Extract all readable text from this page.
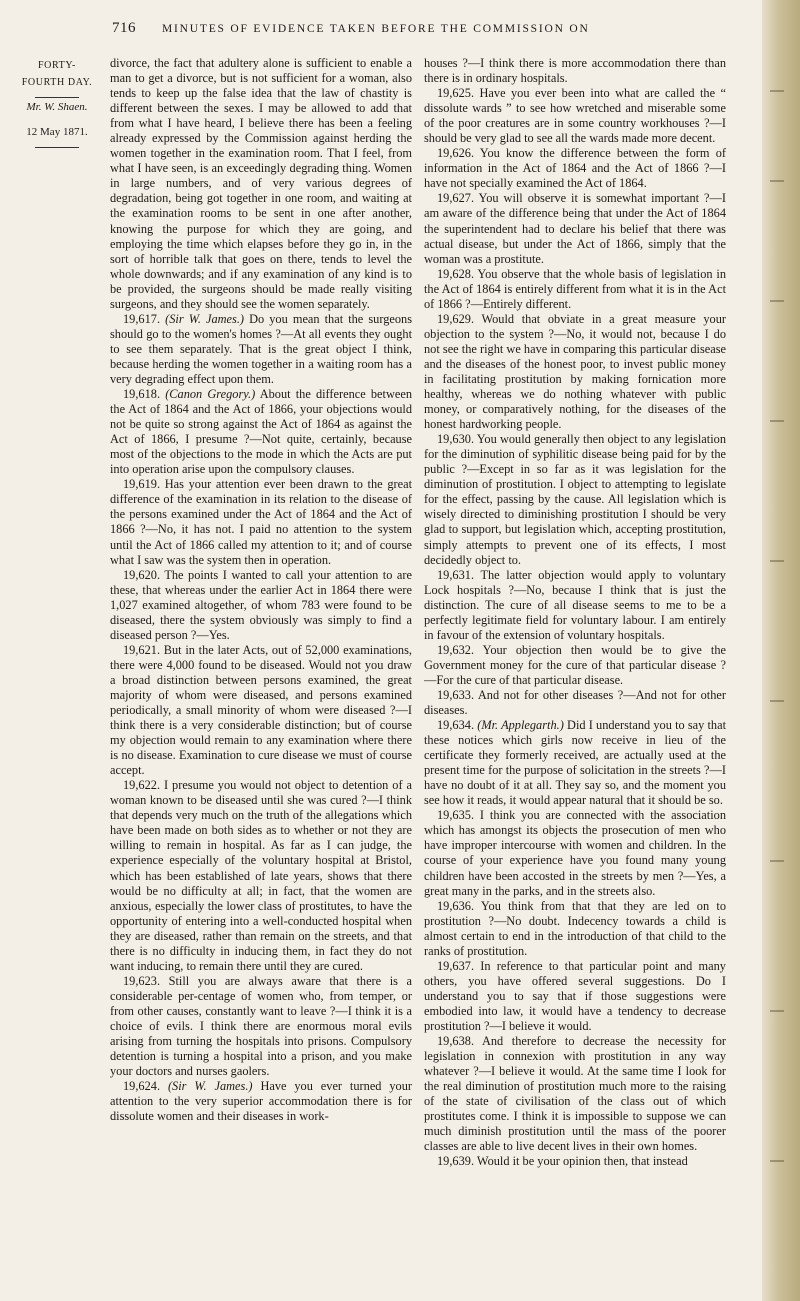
716 MINUTES OF EVIDENCE TAKEN BEFORE THE COMMISSION ON
FORTY-
FOURTH DAY.
Mr. W. Shaen.
12 May 1871.

divorce, the fact that adultery alone is sufficient to enable a man to get a divorce, but is not sufficient for a woman, also tends to keep up the false idea that the law of chastity is different between the sexes. I may be allowed to add that from what I have heard, I believe there has been a feeling already expressed by the Commission against herding the women together in the examination room. That I feel, from what I have seen, is an exceedingly degrading thing. Women in large numbers, and of very various degrees of degradation, being got together in one room, and waiting at the examination rooms to be sent in one after another, knowing the purpose for which they are going, and employing the time which elapses before they go in, in the sort of horrible talk that goes on there, tends to level the whole downwards; and if any examination of any kind is to be provided, the surgeons should be made really visiting surgeons, and they should see the women separately.

19,617. (Sir W. James.) Do you mean that the surgeons should go to the women's homes ?—At all events they ought to see them separately. That is the great object I think, because herding the women together in a waiting room has a very degrading effect upon them.

19,618. (Canon Gregory.) About the difference between the Act of 1864 and the Act of 1866, your objections would not be quite so strong against the Act of 1864 as against the Act of 1866, I presume ?—Not quite, certainly, because most of the objections to the mode in which the Acts are put into operation arise upon the compulsory clauses.

19,619. Has your attention ever been drawn to the great difference of the examination in its relation to the disease of the persons examined under the Act of 1864 and the Act of 1866 ?—No, it has not. I paid no attention to the system until the Act of 1866 called my attention to it; and of course what I saw was the system then in operation.

19,620. The points I wanted to call your attention to are these, that whereas under the earlier Act in 1864 there were 1,027 examined altogether, of whom 783 were found to be diseased, there the system obviously was simply to find a diseased person ?—Yes.

19,621. But in the later Acts, out of 52,000 examinations, there were 4,000 found to be diseased. Would not you draw a broad distinction between persons examined, the great majority of whom were diseased, and persons examined periodically, a small minority of whom were diseased ?—I think there is a very considerable distinction; but of course my objection would remain to any examination where there is no disease. Examination to cure disease we must of course accept.

19,622. I presume you would not object to detention of a woman known to be diseased until she was cured ?—I think that depends very much on the truth of the allegations which have been made on both sides as to whether or not they are willing to remain in hospital. As far as I can judge, the experience especially of the voluntary hospital at Bristol, which has been established of late years, shows that there would be no difficulty at all; in fact, that the women are anxious, especially the lower class of prostitutes, to have the opportunity of entering into a well-conducted hospital when they are diseased, rather than remain on the streets, and that there is no difficulty in inducing them, in fact they do not want inducing, to remain there until they are cured.

19,623. Still you are always aware that there is a considerable per-centage of women who, from temper, or from other causes, constantly want to leave ?—I think it is a choice of evils. I think there are enormous moral evils arising from turning the hospitals into prisons. Compulsory detention is turning a hospital into a prison, and you make your doctors and nurses gaolers.

19,624. (Sir W. James.) Have you ever turned your attention to the very superior accommodation there is for dissolute women and their diseases in work-

houses ?—I think there is more accommodation there than there is in ordinary hospitals.

19,625. Have you ever been into what are called the “ dissolute wards ” to see how wretched and miserable some of the poor creatures are in some country workhouses ?—I should be very glad to see all the wards made more decent.

19,626. You know the difference between the form of information in the Act of 1864 and the Act of 1866 ?—I have not specially examined the Act of 1864.

19,627. You will observe it is somewhat important ?—I am aware of the difference being that under the Act of 1864 the superintendent had to declare his belief that there was actual disease, but under the Act of 1866, simply that the woman was a prostitute.

19,628. You observe that the whole basis of legislation in the Act of 1864 is entirely different from what it is in the Act of 1866 ?—Entirely different.

19,629. Would that obviate in a great measure your objection to the system ?—No, it would not, because I do not see the right we have in comparing this particular disease and the diseases of the honest poor, to invest public money in facilitating prostitution by making fornication more healthy, whereas we do nothing whatever with public money, or comparatively nothing, for the diseases of the honest hardworking people.

19,630. You would generally then object to any legislation for the diminution of syphilitic disease being paid for by the public ?—Except in so far as it was legislation for the diminution of prostitution. I object to attempting to legislate for the effect, passing by the cause. All legislation which is wisely directed to diminishing prostitution I should be very glad to support, but legislation which, accepting prostitution, simply attempts to prevent one of its effects, I most decidedly object to.

19,631. The latter objection would apply to voluntary Lock hospitals ?—No, because I think that is just the distinction. The cure of all disease seems to me to be a perfectly legitimate field for voluntary labour. I am entirely in favour of the extension of voluntary hospitals.

19,632. Your objection then would be to give the Government money for the cure of that particular disease ?—For the cure of that particular disease.

19,633. And not for other diseases ?—And not for other diseases.

19,634. (Mr. Applegarth.) Did I understand you to say that these notices which girls now receive in lieu of the certificate they formerly received, are actually used at the present time for the purpose of solicitation in the streets ?—I have no doubt of it at all. They say so, and the moment you see how it reads, it would appear natural that it should be so.

19,635. I think you are connected with the association which has amongst its objects the prosecution of men who have improper intercourse with women and children. In the course of your experience have you found many young children have been accosted in the streets by men ?—Yes, a great many in the parks, and in the streets also.

19,636. You think from that that they are led on to prostitution ?—No doubt. Indecency towards a child is almost certain to end in the introduction of that child to the ranks of prostitution.

19,637. In reference to that particular point and many others, you have offered several suggestions. Do I understand you to say that if those suggestions were embodied into law, it would have a tendency to decrease prostitution ?—I believe it would.

19,638. And therefore to decrease the necessity for legislation in connexion with prostitution in any way whatever ?—I believe it would. At the same time I look for the real diminution of prostitution much more to the raising of the state of civilisation of the class out of which prostitutes come. I think it is impossible to suppose we can much diminish prostitution until the mass of the poorer classes are able to live decent lives in their own homes.

19,639. Would it be your opinion then, that instead
